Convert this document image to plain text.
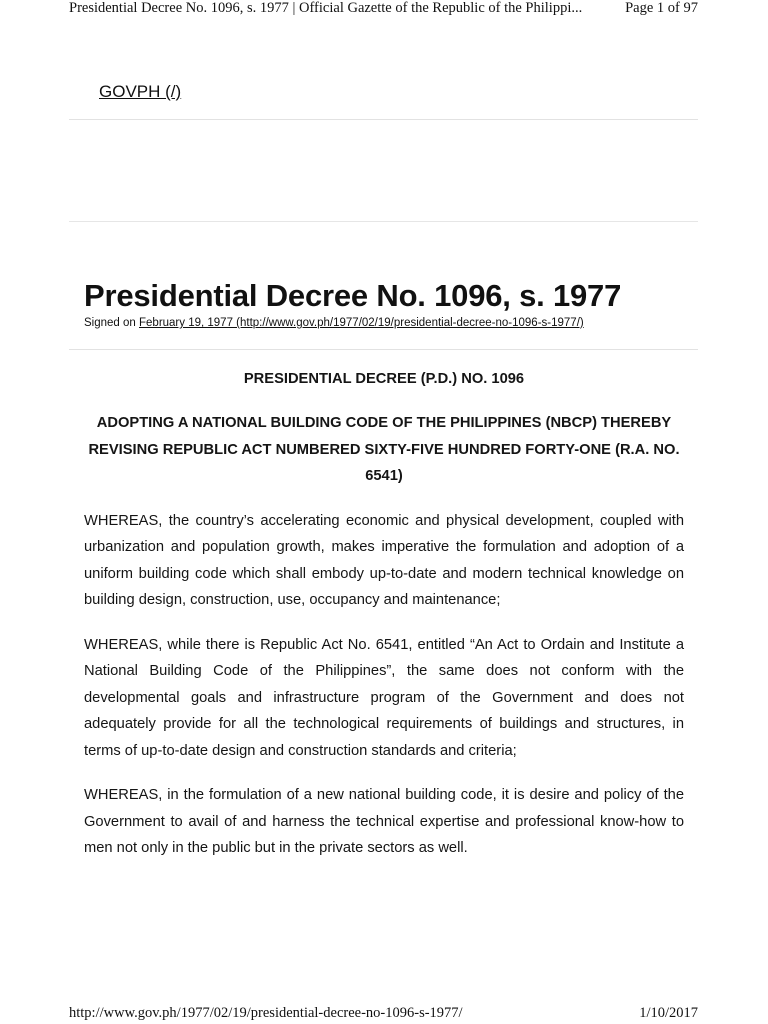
Presidential Decree No. 1096, s. 1977 | Official Gazette of the Republic of the Philippi...	Page 1 of 97
GOVPH (/)
Presidential Decree No. 1096, s. 1977
Signed on February 19, 1977 (http://www.gov.ph/1977/02/19/presidential-decree-no-1096-s-1977/)

PRESIDENTIAL DECREE (P.D.) NO. 1096

ADOPTING A NATIONAL BUILDING CODE OF THE PHILIPPINES (NBCP) THEREBY REVISING REPUBLIC ACT NUMBERED SIXTY-FIVE HUNDRED FORTY-ONE (R.A. NO. 6541)

WHEREAS, the country’s accelerating economic and physical development, coupled with urbanization and population growth, makes imperative the formulation and adoption of a uniform building code which shall embody up-to-date and modern technical knowledge on building design, construction, use, occupancy and maintenance;

WHEREAS, while there is Republic Act No. 6541, entitled “An Act to Ordain and Institute a National Building Code of the Philippines”, the same does not conform with the developmental goals and infrastructure program of the Government and does not adequately provide for all the technological requirements of buildings and structures, in terms of up-to-date design and construction standards and criteria;

WHEREAS, in the formulation of a new national building code, it is desire and policy of the Government to avail of and harness the technical expertise and professional know-how to men not only in the public but in the private sectors as well.

http://www.gov.ph/1977/02/19/presidential-decree-no-1096-s-1977/	1/10/2017
